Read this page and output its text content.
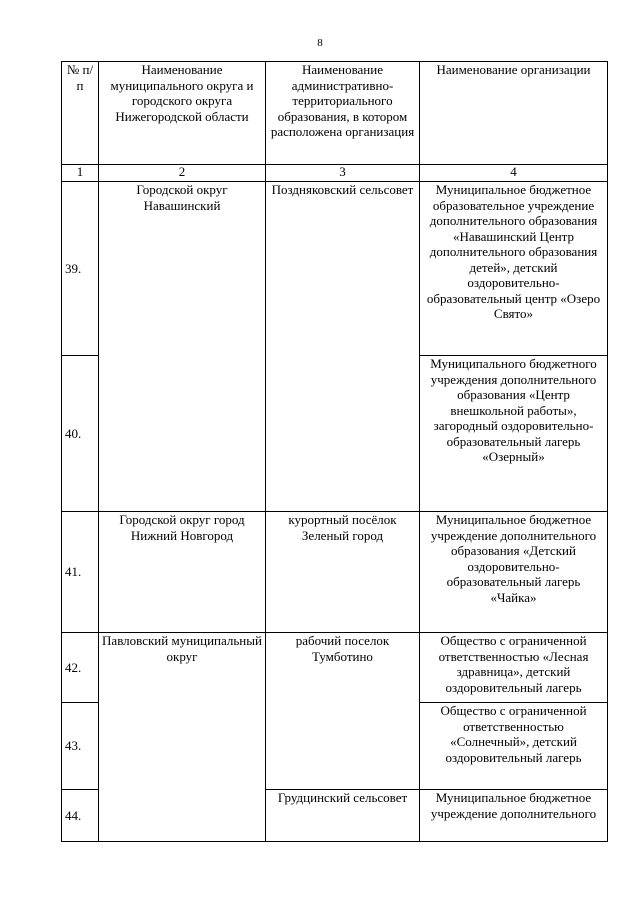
8
№ п/п	Наименование муниципального округа и городского округа Нижегородской области	Наименование административно-территориального образования, в котором расположена организация	Наименование организации
1	2	3	4
39.	Городской округ Навашинский	Поздняковский сельсовет	Муниципальное бюджетное образовательное учреждение дополнительного образования «Навашинский Центр дополнительного образования детей», детский оздоровительно-образовательный центр «Озеро Свято»
40.			Муниципального бюджетного учреждения дополнительного образования «Центр внешкольной работы», загородный оздоровительно-образовательный лагерь «Озерный»
41.	Городской округ город Нижний Новгород	курортный посёлок Зеленый город	Муниципальное бюджетное учреждение дополнительного образования «Детский оздоровительно-образовательный лагерь «Чайка»
42.	Павловский муниципальный округ	рабочий поселок Тумботино	Общество с ограниченной ответственностью «Лесная здравница», детский оздоровительный лагерь
43.			Общество с ограниченной ответственностью «Солнечный», детский оздоровительный лагерь
44.		Грудцинский сельсовет	Муниципальное бюджетное учреждение дополнительного
